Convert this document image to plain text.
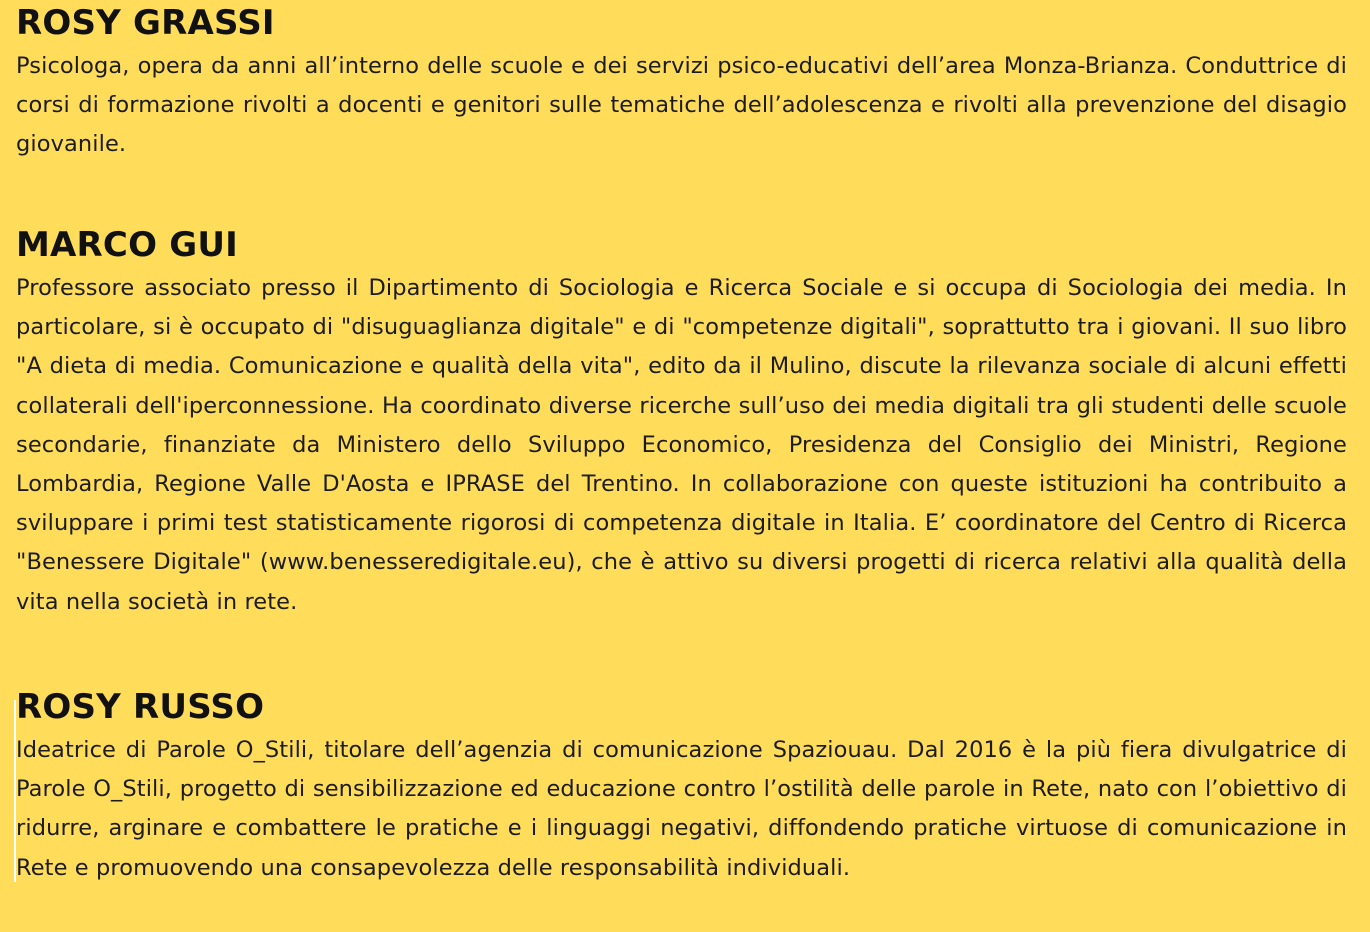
ROSY GRASSI

Psicologa, opera da anni all’interno delle scuole e dei servizi psico-educativi dell’area Monza-Brianza. Conduttrice di corsi di formazione rivolti a docenti e genitori sulle tematiche dell’adolescenza e rivolti alla prevenzione del disagio giovanile.

MARCO GUI

Professore associato presso il Dipartimento di Sociologia e Ricerca Sociale e si occupa di Sociologia dei media. In particolare, si è occupato di "disuguaglianza digitale" e di "competenze digitali", soprattutto tra i giovani. Il suo libro "A dieta di media. Comunicazione e qualità della vita", edito da il Mulino, discute la rilevanza sociale di alcuni effetti collaterali dell'iperconnessione. Ha coordinato diverse ricerche sull’uso dei media digitali tra gli studenti delle scuole secondarie, finanziate da Ministero dello Sviluppo Economico, Presidenza del Consiglio dei Ministri, Regione Lombardia, Regione Valle D'Aosta e IPRASE del Trentino. In collaborazione con queste istituzioni ha contribuito a sviluppare i primi test statisticamente rigorosi di competenza digitale in Italia. E’ coordinatore del Centro di Ricerca "Benessere Digitale" (www.benesseredigitale.eu), che è attivo su diversi progetti di ricerca relativi alla qualità della vita nella società in rete.

ROSY RUSSO

Ideatrice di Parole O_Stili, titolare dell’agenzia di comunicazione Spaziouau. Dal 2016 è la più fiera divulgatrice di Parole O_Stili, progetto di sensibilizzazione ed educazione contro l’ostilità delle parole in Rete, nato con l’obiettivo di ridurre, arginare e combattere le pratiche e i linguaggi negativi, diffondendo pratiche virtuose di comunicazione in Rete e promuovendo una consapevolezza delle responsabilità individuali.
